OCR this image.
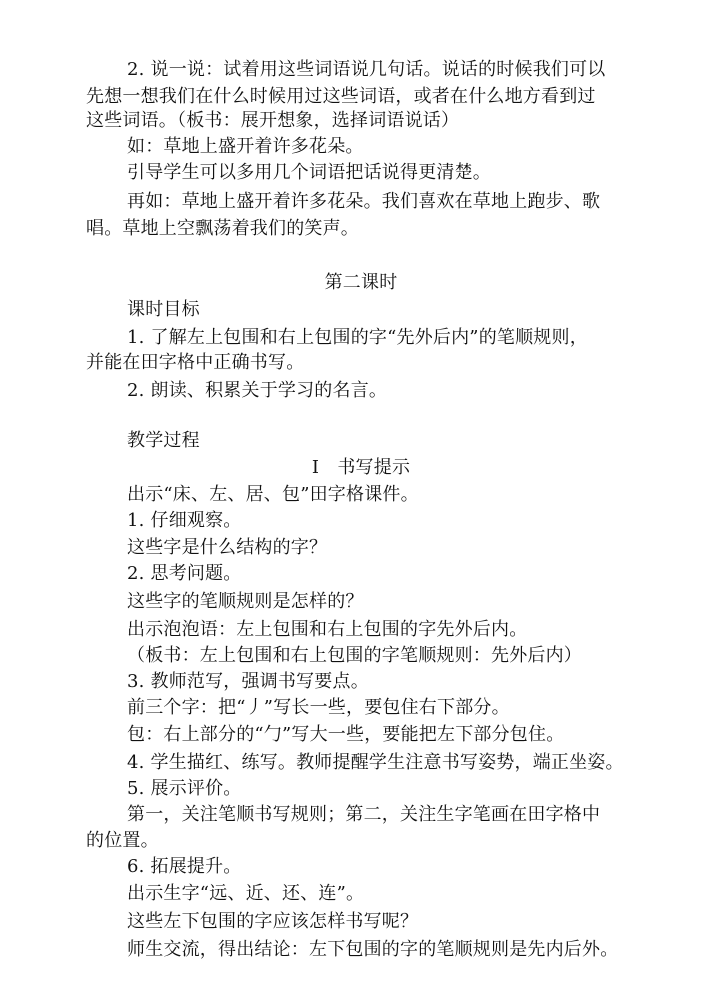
2. 说一说：试着用这些词语说几句话。说话的时候我们可以
先想一想我们在什么时候用过这些词语，或者在什么地方看到过
这些词语。（板书：展开想象，选择词语说话）
如：草地上盛开着许多花朵。
引导学生可以多用几个词语把话说得更清楚。
再如：草地上盛开着许多花朵。我们喜欢在草地上跑步、歌
唱。草地上空飘荡着我们的笑声。
第二课时
课时目标
1. 了解左上包围和右上包围的字“先外后内”的笔顺规则，
并能在田字格中正确书写。
2. 朗读、积累关于学习的名言。
教学过程
Ⅰ　书写提示
出示“床、左、居、包”田字格课件。
1. 仔细观察。
这些字是什么结构的字？
2. 思考问题。
这些字的笔顺规则是怎样的？
出示泡泡语：左上包围和右上包围的字先外后内。
（板书：左上包围和右上包围的字笔顺规则：先外后内）
3. 教师范写，强调书写要点。
前三个字：把“丿”写长一些，要包住右下部分。
包：右上部分的“勹”写大一些，要能把左下部分包住。
4. 学生描红、练写。教师提醒学生注意书写姿势，端正坐姿。
5. 展示评价。
第一，关注笔顺书写规则；第二，关注生字笔画在田字格中
的位置。
6. 拓展提升。
出示生字“远、近、还、连”。
这些左下包围的字应该怎样书写呢？
师生交流，得出结论：左下包围的字的笔顺规则是先内后外。
